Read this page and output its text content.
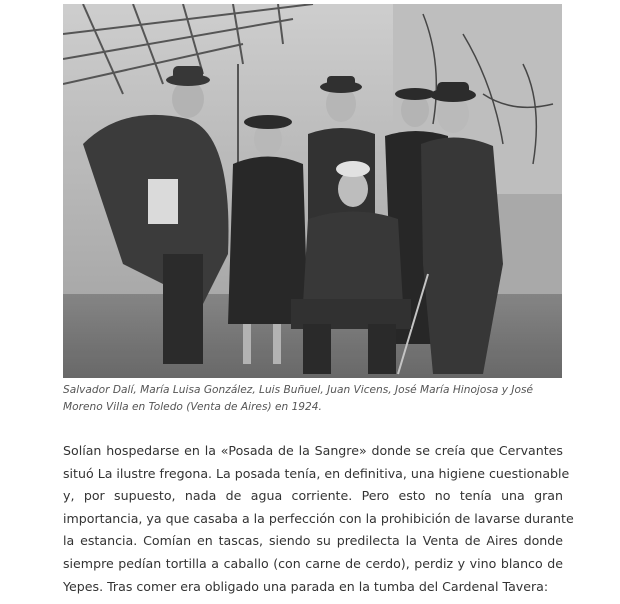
Salvador Dalí, María Luisa González, Luis Buñuel, Juan Vicens, José María Hinojosa y José
Moreno Villa en Toledo (Venta de Aires) en 1924.

Solían hospedarse en la «Posada de la Sangre» donde se creía que Cervantes
situó La ilustre fregona. La posada tenía, en definitiva, una higiene cuestionable
y, por supuesto, nada de agua corriente. Pero esto no tenía una gran
importancia, ya que casaba a la perfección con la prohibición de lavarse durante
la estancia. Comían en tascas, siendo su predilecta la Venta de Aires donde
siempre pedían tortilla a caballo (con carne de cerdo), perdiz y vino blanco de
Yepes. Tras comer era obligado una parada en la tumba del Cardenal Tavera:
